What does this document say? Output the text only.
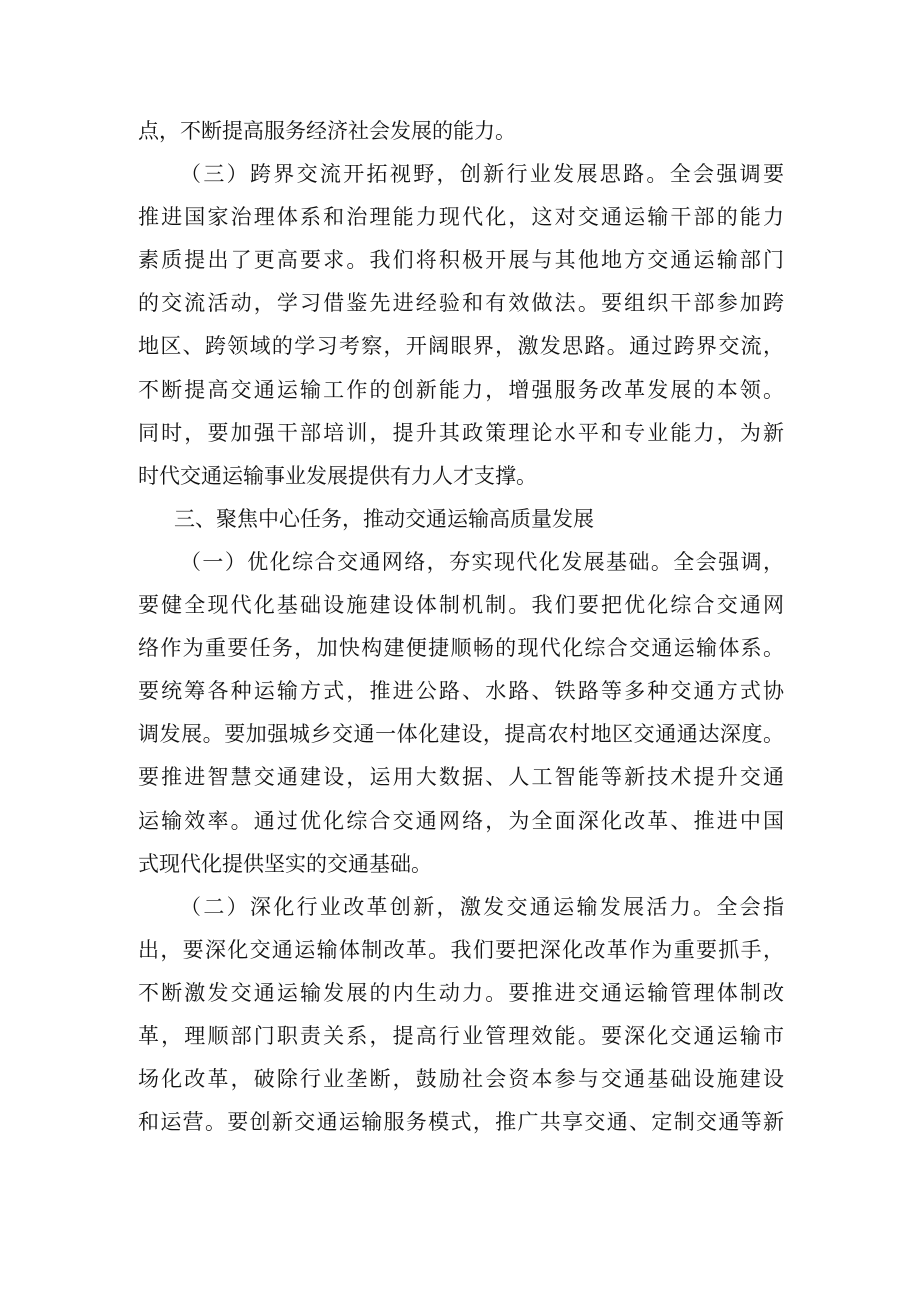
点，不断提高服务经济社会发展的能力。
（三）跨界交流开拓视野，创新行业发展思路。全会强调要
推进国家治理体系和治理能力现代化，这对交通运输干部的能力
素质提出了更高要求。我们将积极开展与其他地方交通运输部门
的交流活动，学习借鉴先进经验和有效做法。要组织干部参加跨
地区、跨领域的学习考察，开阔眼界，激发思路。通过跨界交流，
不断提高交通运输工作的创新能力，增强服务改革发展的本领。
同时，要加强干部培训，提升其政策理论水平和专业能力，为新
时代交通运输事业发展提供有力人才支撑。
三、聚焦中心任务，推动交通运输高质量发展
（一）优化综合交通网络，夯实现代化发展基础。全会强调，
要健全现代化基础设施建设体制机制。我们要把优化综合交通网
络作为重要任务，加快构建便捷顺畅的现代化综合交通运输体系。
要统筹各种运输方式，推进公路、水路、铁路等多种交通方式协
调发展。要加强城乡交通一体化建设，提高农村地区交通通达深度。
要推进智慧交通建设，运用大数据、人工智能等新技术提升交通
运输效率。通过优化综合交通网络，为全面深化改革、推进中国
式现代化提供坚实的交通基础。
（二）深化行业改革创新，激发交通运输发展活力。全会指
出，要深化交通运输体制改革。我们要把深化改革作为重要抓手，
不断激发交通运输发展的内生动力。要推进交通运输管理体制改
革，理顺部门职责关系，提高行业管理效能。要深化交通运输市
场化改革，破除行业垄断，鼓励社会资本参与交通基础设施建设
和运营。要创新交通运输服务模式，推广共享交通、定制交通等新
